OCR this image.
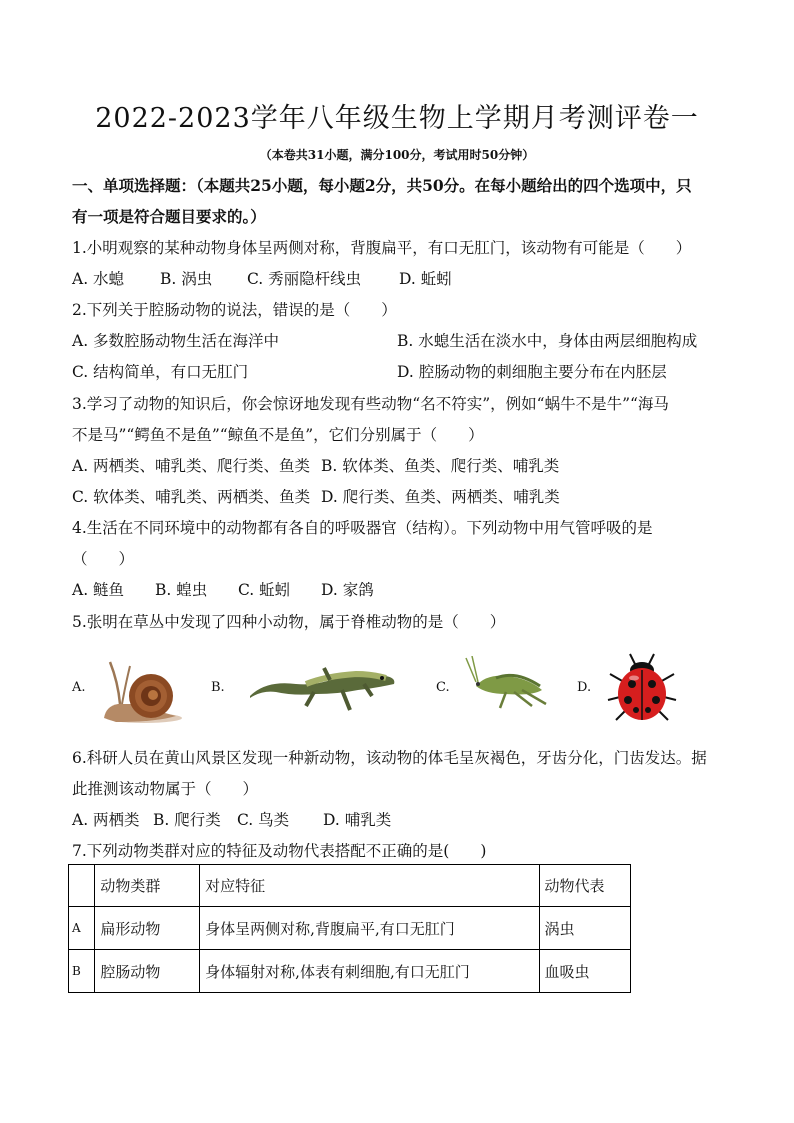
2022-2023学年八年级生物上学期月考测评卷一
（本卷共31小题，满分100分，考试用时50分钟）
一、单项选择题：（本题共25小题，每小题2分，共50分。在每小题给出的四个选项中，只
有一项是符合题目要求的。）
1.小明观察的某种动物身体呈两侧对称，背腹扁平，有口无肛门，该动物有可能是（　　）
A. 水螅 B. 涡虫 C. 秀丽隐杆线虫 D. 蚯蚓
2.下列关于腔肠动物的说法，错误的是（　　）
A. 多数腔肠动物生活在海洋中	B. 水螅生活在淡水中，身体由两层细胞构成
C. 结构简单，有口无肛门	D. 腔肠动物的刺细胞主要分布在内胚层
3.学习了动物的知识后，你会惊讶地发现有些动物“名不符实”，例如“蜗牛不是牛”“海马
不是马”“鳄鱼不是鱼”“鲸鱼不是鱼”，它们分别属于（　　）
A. 两栖类、哺乳类、爬行类、鱼类 B. 软体类、鱼类、爬行类、哺乳类
C. 软体类、哺乳类、两栖类、鱼类 D. 爬行类、鱼类、两栖类、哺乳类
4.生活在不同环境中的动物都有各自的呼吸器官（结构）。下列动物中用气管呼吸的是
（　　）
A. 鲢鱼 B. 蝗虫 C. 蚯蚓 D. 家鸽
5.张明在草丛中发现了四种小动物，属于脊椎动物的是（　　）
A.	B.	C.	D.
6.科研人员在黄山风景区发现一种新动物，该动物的体毛呈灰褐色，牙齿分化，门齿发达。据
此推测该动物属于（　　）
A. 两栖类 B. 爬行类 C. 鸟类 D. 哺乳类
7.下列动物类群对应的特征及动物代表搭配不正确的是(　　)
	动物类群	对应特征	动物代表
A	扁形动物	身体呈两侧对称,背腹扁平,有口无肛门	涡虫
B	腔肠动物	身体辐射对称,体表有刺细胞,有口无肛门	血吸虫
